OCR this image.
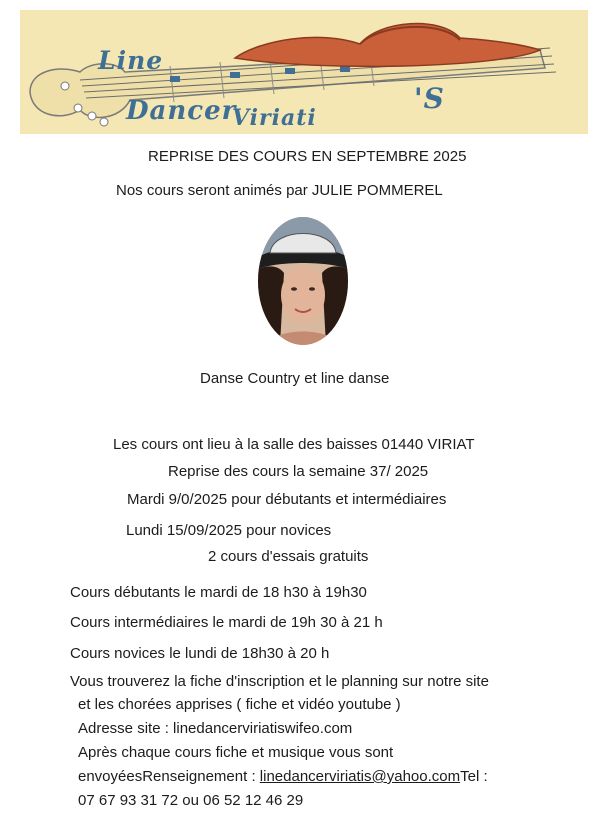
Line
Dancer
Viriati
'S
REPRISE DES COURS EN SEPTEMBRE 2025
Nos cours seront animés par JULIE POMMEREL
Danse Country et line danse
Les cours ont lieu à la salle des baisses 01440 VIRIAT
Reprise des cours la semaine 37/ 2025
Mardi 9/0/2025 pour débutants et intermédiaires
Lundi 15/09/2025 pour novices
2 cours d'essais gratuits
Cours débutants le mardi de 18 h30 à 19h30
Cours intermédiaires le mardi de 19h 30 à 21 h
Cours novices le lundi de 18h30 à 20 h
Vous trouverez la fiche d'inscription et le planning sur notre site
et les chorées apprises ( fiche et vidéo youtube )
Adresse site : linedancerviriatiswifeo.com
Après chaque cours fiche et musique vous sont
envoyéesRenseignement : linedancerviriatis@yahoo.comTel :
07 67 93 31 72 ou 06 52 12 46 29
